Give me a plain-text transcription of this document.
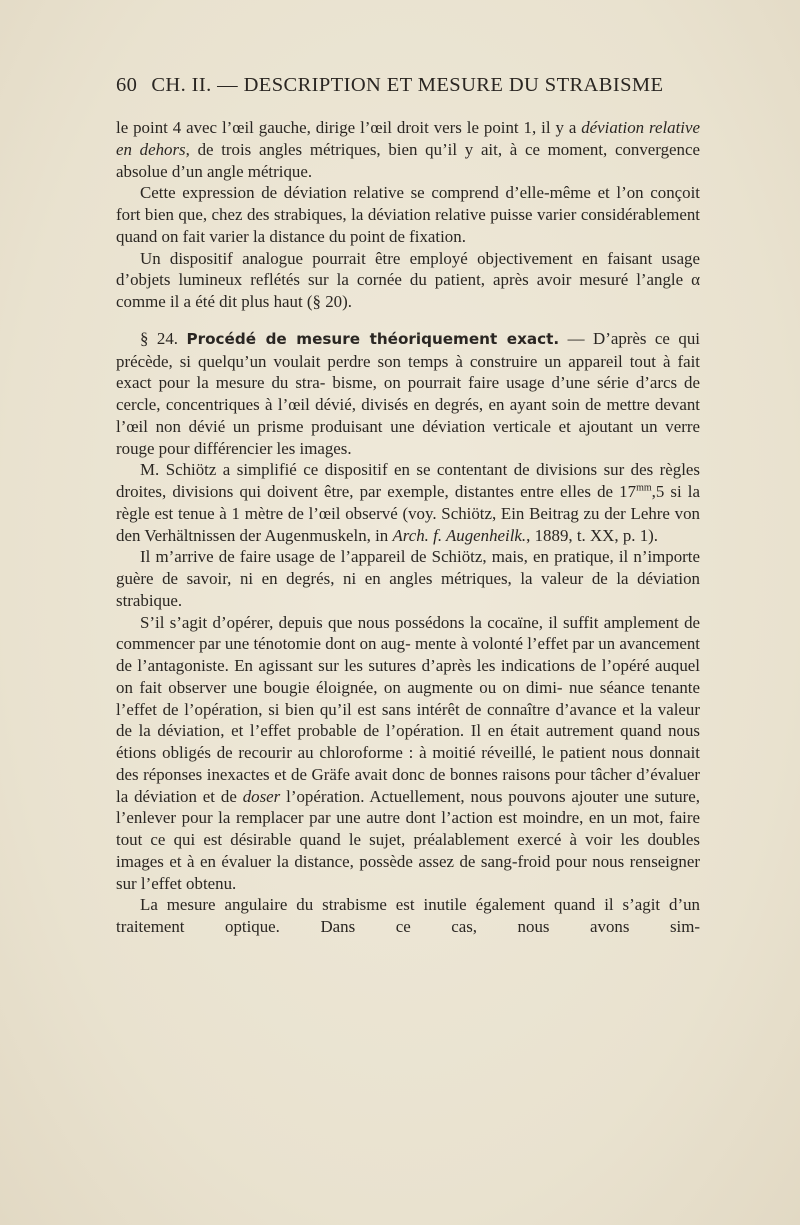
60 CH. II. — DESCRIPTION ET MESURE DU STRABISME

le point 4 avec l’œil gauche, dirige l’œil droit vers le point 1, il y a déviation relative en dehors, de trois angles métriques, bien qu’il y ait, à ce moment, convergence absolue d’un angle métrique.

Cette expression de déviation relative se comprend d’elle-même et l’on conçoit fort bien que, chez des strabiques, la déviation relative puisse varier considérablement quand on fait varier la distance du point de fixation.

Un dispositif analogue pourrait être employé objectivement en faisant usage d’objets lumineux reflétés sur la cornée du patient, après avoir mesuré l’angle α comme il a été dit plus haut (§ 20).

§ 24. Procédé de mesure théoriquement exact. — D’après ce qui précède, si quelqu’un voulait perdre son temps à construire un appareil tout à fait exact pour la mesure du stra- bisme, on pourrait faire usage d’une série d’arcs de cercle, concentriques à l’œil dévié, divisés en degrés, en ayant soin de mettre devant l’œil non dévié un prisme produisant une déviation verticale et ajoutant un verre rouge pour différencier les images.

M. Schiötz a simplifié ce dispositif en se contentant de divisions sur des règles droites, divisions qui doivent être, par exemple, distantes entre elles de $17^{mm},5$ si la règle est tenue à 1 mètre de l’œil observé (voy. Schiötz, Ein Beitrag zu der Lehre von den Verhältnissen der Augenmuskeln, in Arch. f. Augenheilk., 1889, t. XX, p. 1).

Il m’arrive de faire usage de l’appareil de Schiötz, mais, en pratique, il n’importe guère de savoir, ni en degrés, ni en angles métriques, la valeur de la déviation strabique.

S’il s’agit d’opérer, depuis que nous possédons la cocaïne, il suffit amplement de commencer par une ténotomie dont on aug- mente à volonté l’effet par un avancement de l’antagoniste. En agissant sur les sutures d’après les indications de l’opéré auquel on fait observer une bougie éloignée, on augmente ou on dimi- nue séance tenante l’effet de l’opération, si bien qu’il est sans intérêt de connaître d’avance et la valeur de la déviation, et l’effet probable de l’opération. Il en était autrement quand nous étions obligés de recourir au chloroforme : à moitié réveillé, le patient nous donnait des réponses inexactes et de Gräfe avait donc de bonnes raisons pour tâcher d’évaluer la déviation et de doser l’opération. Actuellement, nous pouvons ajouter une suture, l’enlever pour la remplacer par une autre dont l’action est moindre, en un mot, faire tout ce qui est désirable quand le sujet, préalablement exercé à voir les doubles images et à en évaluer la distance, possède assez de sang-froid pour nous renseigner sur l’effet obtenu.

La mesure angulaire du strabisme est inutile également quand il s’agit d’un traitement optique. Dans ce cas, nous avons sim-
